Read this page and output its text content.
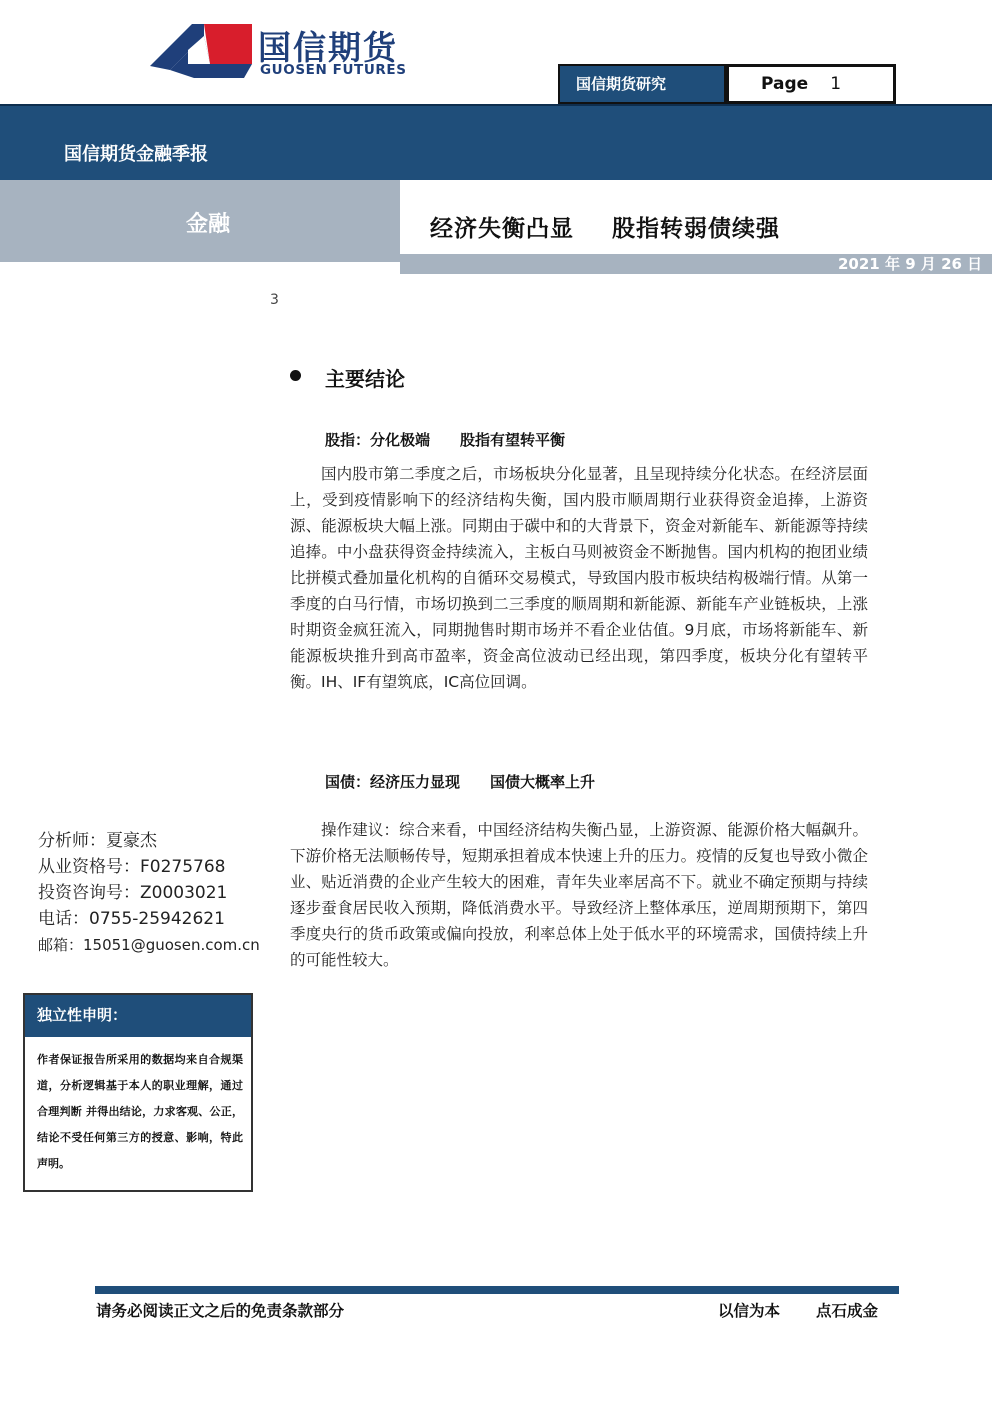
国信期货
GUOSEN FUTURES
国信期货研究	Page 1
国信期货金融季报
金融	经济失衡凸显 股指转弱债续强
2021 年 9 月 26 日
3
主要结论
股指：分化极端 股指有望转平衡
国内股市第二季度之后，市场板块分化显著，且呈现持续分化状态。在经济层面上，受到疫情影响下的经济结构失衡，国内股市顺周期行业获得资金追捧，上游资源、能源板块大幅上涨。同期由于碳中和的大背景下，资金对新能车、新能源等持续追捧。中小盘获得资金持续流入，主板白马则被资金不断抛售。国内机构的抱团业绩比拼模式叠加量化机构的自循环交易模式，导致国内股市板块结构极端行情。从第一季度的白马行情，市场切换到二三季度的顺周期和新能源、新能车产业链板块，上涨时期资金疯狂流入，同期抛售时期市场并不看企业估值。9月底，市场将新能车、新能源板块推升到高市盈率，资金高位波动已经出现，第四季度，板块分化有望转平衡。IH、IF有望筑底，IC高位回调。
国债：经济压力显现 国债大概率上升
操作建议：综合来看，中国经济结构失衡凸显，上游资源、能源价格大幅飙升。下游价格无法顺畅传导，短期承担着成本快速上升的压力。疫情的反复也导致小微企业、贴近消费的企业产生较大的困难，青年失业率居高不下。就业不确定预期与持续逐步蚕食居民收入预期，降低消费水平。导致经济上整体承压，逆周期预期下，第四季度央行的货币政策或偏向投放，利率总体上处于低水平的环境需求，国债持续上升的可能性较大。
分析师：夏豪杰
从业资格号：F0275768
投资咨询号：Z0003021
电话：0755-25942621
邮箱：15051@guosen.com.cn
独立性申明：
作者保证报告所采用的数据均来自合规渠道，分析逻辑基于本人的职业理解，通过合理判断 并得出结论，力求客观、公正，结论不受任何第三方的授意、影响，特此声明。
请务必阅读正文之后的免责条款部分	以信为本 点石成金
